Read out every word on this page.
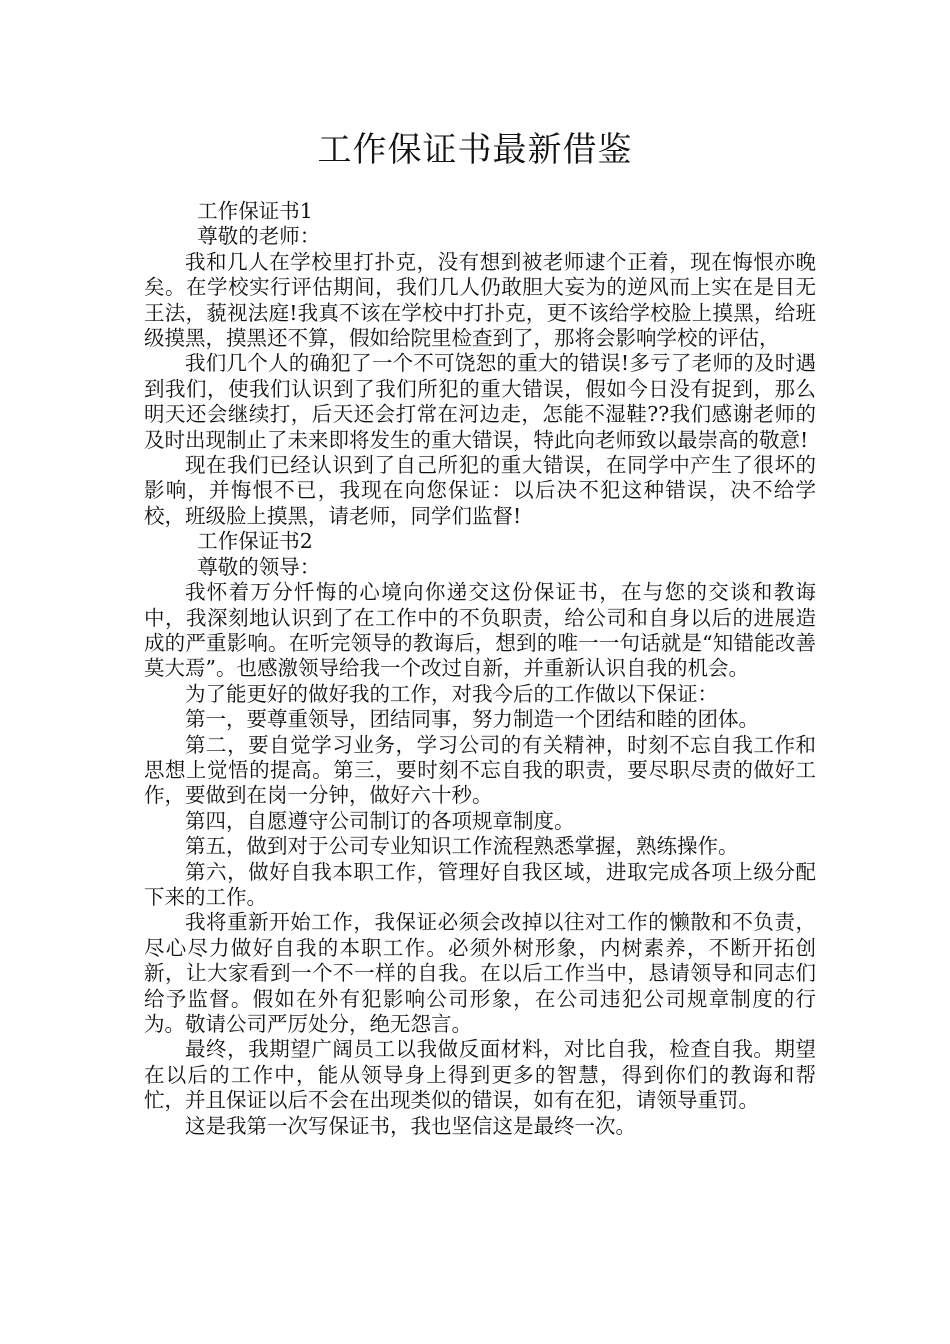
工作保证书最新借鉴

工作保证书1

尊敬的老师：

我和几人在学校里打扑克，没有想到被老师逮个正着，现在悔恨亦晚矣。在学校实行评估期间，我们几人仍敢胆大妄为的逆风而上实在是目无王法，藐视法庭!我真不该在学校中打扑克，更不该给学校脸上摸黑，给班级摸黑，摸黑还不算，假如给院里检查到了，那将会影响学校的评估，

我们几个人的确犯了一个不可饶恕的重大的错误!多亏了老师的及时遇到我们，使我们认识到了我们所犯的重大错误，假如今日没有捉到，那么明天还会继续打，后天还会打常在河边走，怎能不湿鞋??我们感谢老师的及时出现制止了未来即将发生的重大错误，特此向老师致以最崇高的敬意!

现在我们已经认识到了自己所犯的重大错误，在同学中产生了很坏的影响，并悔恨不已，我现在向您保证：以后决不犯这种错误，决不给学校，班级脸上摸黑，请老师，同学们监督!

工作保证书2

尊敬的领导：

我怀着万分忏悔的心境向你递交这份保证书，在与您的交谈和教诲中，我深刻地认识到了在工作中的不负职责，给公司和自身以后的进展造成的严重影响。在听完领导的教诲后，想到的唯一一句话就是“知错能改善莫大焉”。也感激领导给我一个改过自新，并重新认识自我的机会。

为了能更好的做好我的工作，对我今后的工作做以下保证：

第一，要尊重领导，团结同事，努力制造一个团结和睦的团体。

第二，要自觉学习业务，学习公司的有关精神，时刻不忘自我工作和思想上觉悟的提高。第三，要时刻不忘自我的职责，要尽职尽责的做好工作，要做到在岗一分钟，做好六十秒。

第四，自愿遵守公司制订的各项规章制度。

第五，做到对于公司专业知识工作流程熟悉掌握，熟练操作。

第六，做好自我本职工作，管理好自我区域，进取完成各项上级分配下来的工作。

我将重新开始工作，我保证必须会改掉以往对工作的懒散和不负责，尽心尽力做好自我的本职工作。必须外树形象，内树素养，不断开拓创新，让大家看到一个不一样的自我。在以后工作当中，恳请领导和同志们给予监督。假如在外有犯影响公司形象，在公司违犯公司规章制度的行为。敬请公司严厉处分，绝无怨言。

最终，我期望广阔员工以我做反面材料，对比自我，检查自我。期望在以后的工作中，能从领导身上得到更多的智慧，得到你们的教诲和帮忙，并且保证以后不会在出现类似的错误，如有在犯，请领导重罚。

这是我第一次写保证书，我也坚信这是最终一次。
